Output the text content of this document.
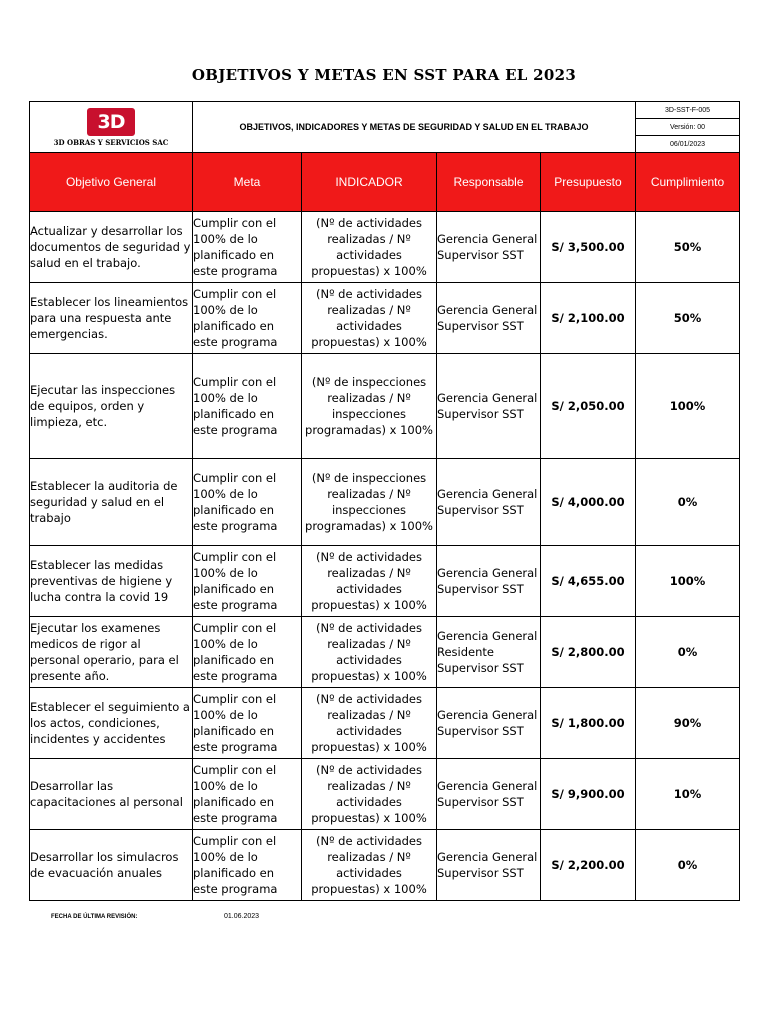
OBJETIVOS Y METAS EN SST PARA EL 2023
3D
3D OBRAS Y SERVICIOS SAC	OBJETIVOS, INDICADORES Y METAS DE SEGURIDAD Y SALUD EN EL TRABAJO				3D-SST-F-005
					Versión: 00
					06/01/2023
Objetivo General	Meta	INDICADOR	Responsable	Presupuesto	Cumplimiento
Actualizar y desarrollar los documentos de seguridad y salud en el trabajo.	Cumplir con el 100% de lo planificado en este programa	(Nº de actividades realizadas / Nº actividades propuestas) x 100%	Gerencia General Supervisor SST	S/ 3,500.00	50%
Establecer los lineamientos para una respuesta ante emergencias.	Cumplir con el 100% de lo planificado en este programa	(Nº de actividades realizadas / Nº actividades propuestas) x 100%	Gerencia General Supervisor SST	S/ 2,100.00	50%
Ejecutar las inspecciones de equipos, orden y limpieza, etc.	Cumplir con el 100% de lo planificado en este programa	(Nº de inspecciones realizadas / Nº inspecciones programadas) x 100%	Gerencia General Supervisor SST	S/ 2,050.00	100%
Establecer la auditoria de seguridad y salud en el trabajo	Cumplir con el 100% de lo planificado en este programa	(Nº de inspecciones realizadas / Nº inspecciones programadas) x 100%	Gerencia General Supervisor SST	S/ 4,000.00	0%
Establecer las medidas preventivas de higiene y lucha contra la covid 19	Cumplir con el 100% de lo planificado en este programa	(Nº de actividades realizadas / Nº actividades propuestas) x 100%	Gerencia General Supervisor SST	S/ 4,655.00	100%
Ejecutar los examenes medicos de rigor al personal operario, para el presente año.	Cumplir con el 100% de lo planificado en este programa	(Nº de actividades realizadas / Nº actividades propuestas) x 100%	Gerencia General Residente Supervisor SST	S/ 2,800.00	0%
Establecer el seguimiento a los actos, condiciones, incidentes y accidentes	Cumplir con el 100% de lo planificado en este programa	(Nº de actividades realizadas / Nº actividades propuestas) x 100%	Gerencia General Supervisor SST	S/ 1,800.00	90%
Desarrollar las capacitaciones al personal	Cumplir con el 100% de lo planificado en este programa	(Nº de actividades realizadas / Nº actividades propuestas) x 100%	Gerencia General Supervisor SST	S/ 9,900.00	10%
Desarrollar los simulacros de evacuación anuales	Cumplir con el 100% de lo planificado en este programa	(Nº de actividades realizadas / Nº actividades propuestas) x 100%	Gerencia General Supervisor SST	S/ 2,200.00	0%
FECHA DE ÚLTIMA REVISIÓN:	01.06.2023
